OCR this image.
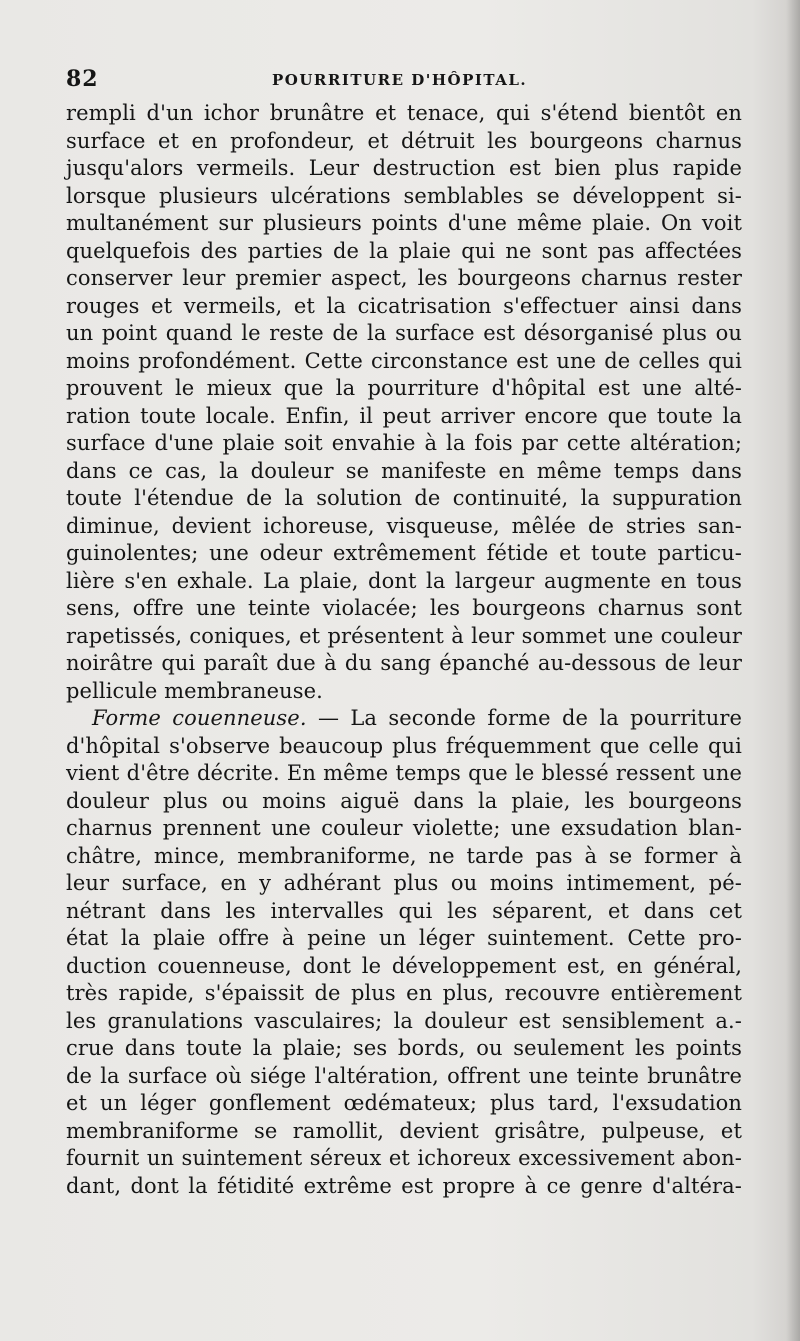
82	POURRITURE D'HÔPITAL.
rempli d'un ichor brunâtre et tenace, qui s'étend bientôt en
surface et en profondeur, et détruit les bourgeons charnus
jusqu'alors vermeils. Leur destruction est bien plus rapide
lorsque plusieurs ulcérations semblables se développent si-
multanément sur plusieurs points d'une même plaie. On voit
quelquefois des parties de la plaie qui ne sont pas affectées
conserver leur premier aspect, les bourgeons charnus rester
rouges et vermeils, et la cicatrisation s'effectuer ainsi dans
un point quand le reste de la surface est désorganisé plus ou
moins profondément. Cette circonstance est une de celles qui
prouvent le mieux que la pourriture d'hôpital est une alté-
ration toute locale. Enfin, il peut arriver encore que toute la
surface d'une plaie soit envahie à la fois par cette altération;
dans ce cas, la douleur se manifeste en même temps dans
toute l'étendue de la solution de continuité, la suppuration
diminue, devient ichoreuse, visqueuse, mêlée de stries san-
guinolentes; une odeur extrêmement fétide et toute particu-
lière s'en exhale. La plaie, dont la largeur augmente en tous
sens, offre une teinte violacée; les bourgeons charnus sont
rapetissés, coniques, et présentent à leur sommet une couleur
noirâtre qui paraît due à du sang épanché au-dessous de leur
pellicule membraneuse.
Forme couenneuse. — La seconde forme de la pourriture
d'hôpital s'observe beaucoup plus fréquemment que celle qui
vient d'être décrite. En même temps que le blessé ressent une
douleur plus ou moins aiguë dans la plaie, les bourgeons
charnus prennent une couleur violette; une exsudation blan-
châtre, mince, membraniforme, ne tarde pas à se former à
leur surface, en y adhérant plus ou moins intimement, pé-
nétrant dans les intervalles qui les séparent, et dans cet
état la plaie offre à peine un léger suintement. Cette pro-
duction couenneuse, dont le développement est, en général,
très rapide, s'épaissit de plus en plus, recouvre entièrement
les granulations vasculaires; la douleur est sensiblement a.-
crue dans toute la plaie; ses bords, ou seulement les points
de la surface où siége l'altération, offrent une teinte brunâtre
et un léger gonflement œdémateux; plus tard, l'exsudation
membraniforme se ramollit, devient grisâtre, pulpeuse, et
fournit un suintement séreux et ichoreux excessivement abon-
dant, dont la fétidité extrême est propre à ce genre d'altéra-
